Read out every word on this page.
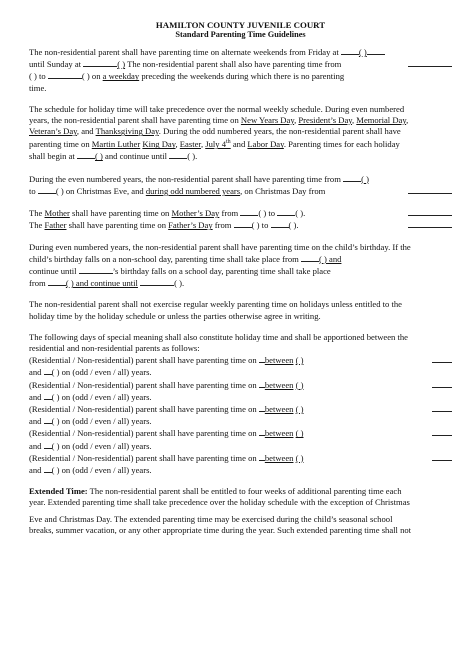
HAMILTON COUNTY JUVENILE COURT
Standard Parenting Time Guidelines

The non-residential parent shall have parenting time on alternate weekends from Friday at ( )

until Sunday at	( ) The non-residential parent shall also have parenting time from

( ) to	( ) on a weekday preceding the weekends during which there is no parenting

time.

The schedule for holiday time will take precedence over the normal weekly schedule. During even numbered

years, the non-residential parent shall have parenting time on New Years Day, President’s Day, Memorial Day,

Veteran’s Day, and Thanksgiving Day. During the odd numbered years, the non-residential parent shall have

parenting time on Martin Luther King Day, Easter, July 4th and Labor Day. Parenting times for each holiday

shall begin at ( ) and continue until ( ).

During the even numbered years, the non-residential parent shall have parenting time from ( )

to ( ) on Christmas Eve, and during odd numbered years, on Christmas Day from

The Mother shall have parenting time on Mother’s Day from ( ) to ( ).

The Father shall have parenting time on Father’s Day from ( ) to ( ).

During even numbered years, the non-residential parent shall have parenting time on the child’s birthday. If the

child’s birthday falls on a non-school day, parenting time shall take place from ( ) and

continue until	’s birthday falls on a school day, parenting time shall take place

from ( ) and continue until	( ).

The non-residential parent shall not exercise regular weekly parenting time on holidays unless entitled to the

holiday time by the holiday schedule or unless the parties otherwise agree in writing.

The following days of special meaning shall also constitute holiday time and shall be apportioned between the

residential and non-residential parents as follows:

(Residential / Non-residential) parent shall have parenting time on between ( )

and ( ) on (odd / even / all) years.

(Residential / Non-residential) parent shall have parenting time on between ( )

and ( ) on (odd / even / all) years.

(Residential / Non-residential) parent shall have parenting time on between ( )

and ( ) on (odd / even / all) years.

(Residential / Non-residential) parent shall have parenting time on between ( )

and ( ) on (odd / even / all) years.

(Residential / Non-residential) parent shall have parenting time on between ( )

and ( ) on (odd / even / all) years.

Extended Time: The non-residential parent shall be entitled to four weeks of additional parenting time each

year. Extended parenting time shall take precedence over the holiday schedule with the exception of Christmas

Eve and Christmas Day. The extended parenting time may be exercised during the child’s seasonal school

breaks, summer vacation, or any other appropriate time during the year. Such extended parenting time shall not
